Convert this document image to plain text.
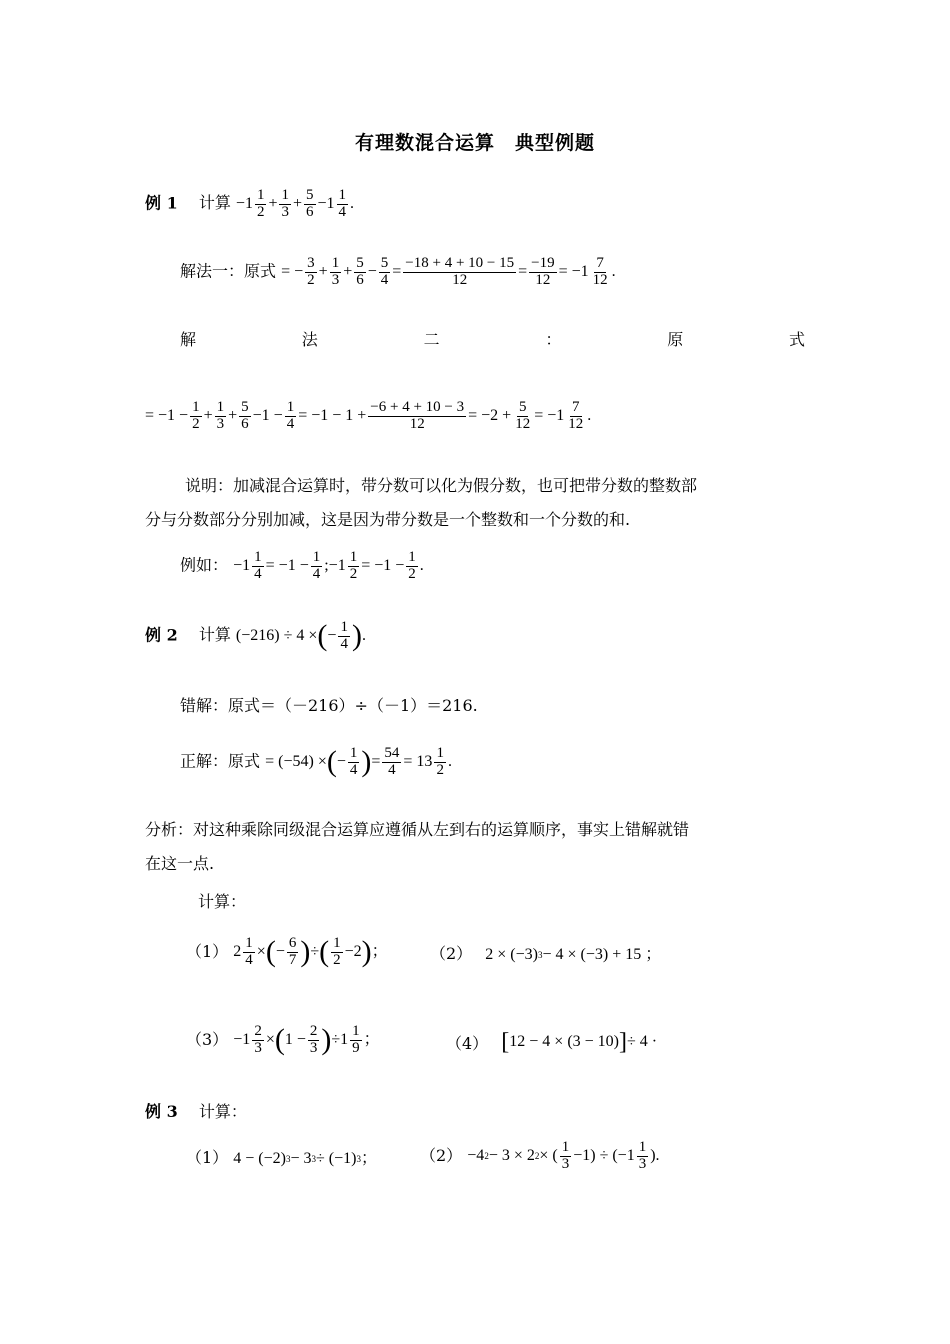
有理数混合运算　典型例题
例 1 计算 $-1 \frac{1}{2} + \frac{1}{3} + \frac{5}{6} -1 \frac{1}{4}$ .
解法一：原式 = − $\frac{3}{2} + \frac{1}{3} + \frac{5}{6} - \frac{5}{4} = \frac{-18 + 4 + 10 - 15}{12} = \frac{-19}{12} = -1 \frac{7}{12}$ .
解	法	二	：	原	式
= $-1 - \frac{1}{2} + \frac{1}{3} + \frac{5}{6} -1 - \frac{1}{4} = -1 - 1 + \frac{-6 + 4 + 10 - 3}{12} = -2 + \frac{5}{12} = -1 \frac{7}{12}$ .
说明：加减混合运算时，带分数可以化为假分数，也可把带分数的整数部
分与分数部分分别加减，这是因为带分数是一个整数和一个分数的和.
例如： $-1 \frac{1}{4} = -1 - \frac{1}{4}$ ;−1 $\frac{1}{2} = -1 - \frac{1}{2}$ .
例 2 计算 (−216) ÷ 4 × ( − $\frac{1}{4}$ ) .
错解：原式＝（－216）÷（－1）＝216.
正解：原式 = (−54) × ( − $\frac{1}{4}$ ) = $\frac{54}{4} = 13 \frac{1}{2}$ .
分析：对这种乘除同级混合运算应遵循从左到右的运算顺序，事实上错解就错
在这一点.
计算：
（1） $2 \frac{1}{4}$ × ( − $\frac{6}{7}$ ) ÷ ( $\frac{1}{2} -2$ ) ；	（2） 2 × (−3) 3 − 4 × (−3) + 15 ；
$(3) -1 \frac{2}{3}$ × ( $1 - \frac{2}{3}$ ) $\div 1 \frac{1}{9}$ ；	（4） [ 12 − 4 × (3 − 10) ] ÷ 4 ·
例 3 计算：
（1） 4 − (−2) 3 − 3 3 ÷ (−1) 3 ；	（2） −4 2 − 3 × 2 2 × ( $\frac{1}{3} -1) \div (-1 \frac{1}{3}$ ).
